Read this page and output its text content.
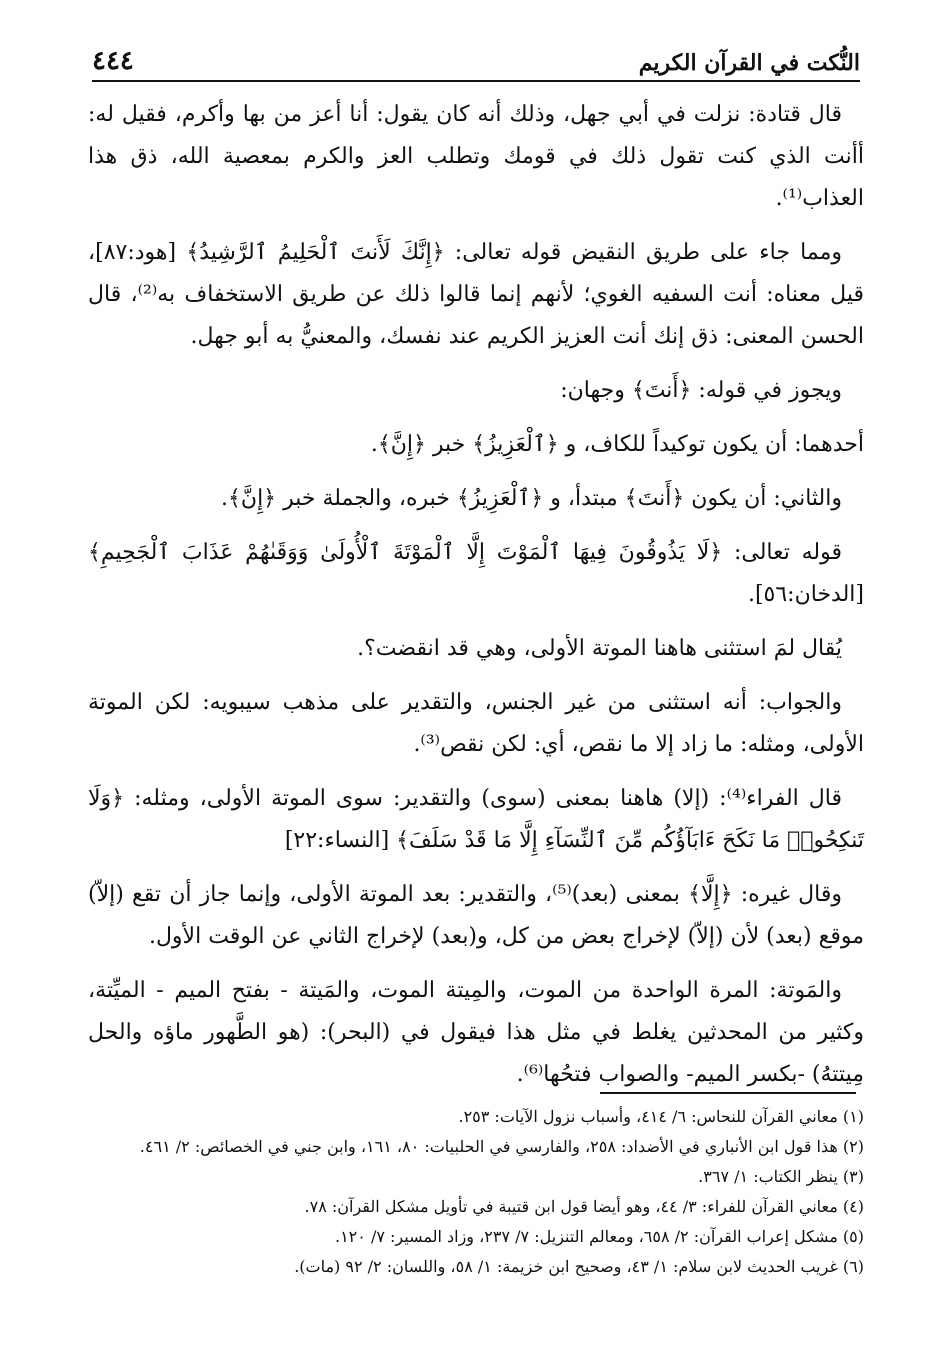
٤٤٤	النُّكت في القرآن الكريم

قال قتادة: نزلت في أبي جهل، وذلك أنه كان يقول: أنا أعز من بها وأكرم، فقيل له: أأنت الذي كنت تقول ذلك في قومك وتطلب العز والكرم بمعصية الله، ذق هذا العذاب⁽¹⁾.

ومما جاء على طريق النقيض قوله تعالى: ﴿إِنَّكَ لَأَنتَ ٱلْحَلِيمُ ٱلرَّشِيدُ﴾ [هود:٨٧]، قيل معناه: أنت السفيه الغوي؛ لأنهم إنما قالوا ذلك عن طريق الاستخفاف به⁽²⁾، قال الحسن المعنى: ذق إنك أنت العزيز الكريم عند نفسك، والمعنيُّ به أبو جهل.

ويجوز في قوله: ﴿أَنتَ﴾ وجهان:

أحدهما: أن يكون توكيداً للكاف، و ﴿ٱلْعَزِيزُ﴾ خبر ﴿إِنَّ﴾.

والثاني: أن يكون ﴿أَنتَ﴾ مبتدأ، و ﴿ٱلْعَزِيزُ﴾ خبره، والجملة خبر ﴿إِنَّ﴾.

قوله تعالى: ﴿لَا يَذُوقُونَ فِيهَا ٱلْمَوْتَ إِلَّا ٱلْمَوْتَةَ ٱلْأُولَىٰ وَوَقَىٰهُمْ عَذَابَ ٱلْجَحِيمِ﴾ [الدخان:٥٦].

يُقال لمَ استثنى هاهنا الموتة الأولى، وهي قد انقضت؟.

والجواب: أنه استثنى من غير الجنس، والتقدير على مذهب سيبويه: لكن الموتة الأولى، ومثله: ما زاد إلا ما نقص، أي: لكن نقص⁽³⁾.

قال الفراء⁽⁴⁾: (إلا) هاهنا بمعنى (سوى) والتقدير: سوى الموتة الأولى، ومثله: ﴿وَلَا تَنكِحُوا۟ مَا نَكَحَ ءَابَآؤُكُم مِّنَ ٱلنِّسَآءِ إِلَّا مَا قَدْ سَلَفَ﴾ [النساء:٢٢]

وقال غيره: ﴿إِلَّا﴾ بمعنى (بعد)⁽⁵⁾، والتقدير: بعد الموتة الأولى، وإنما جاز أن تقع (إلاّ) موقع (بعد) لأن (إلاّ) لإخراج بعض من كل، و(بعد) لإخراج الثاني عن الوقت الأول.

والمَوتة: المرة الواحدة من الموت، والمِيتة الموت، والمَيتة - بفتح الميم - الميِّتة، وكثير من المحدثين يغلط في مثل هذا فيقول في (البحر): (هو الطَّهور ماؤه والحل مِيتتهُ) -بكسر الميم- والصواب فتحُها⁽⁶⁾.

(١) معاني القرآن للنحاس: ٦/ ٤١٤، وأسباب نزول الآيات: ٢٥٣.
(٢) هذا قول ابن الأنباري في الأضداد: ٢٥٨، والفارسي في الحلبيات: ٨٠، ١٦١، وابن جني في الخصائص: ٢/ ٤٦١.
(٣) ينظر الكتاب: ١/ ٣٦٧.
(٤) معاني القرآن للفراء: ٣/ ٤٤، وهو أيضا قول ابن قتيبة في تأويل مشكل القرآن: ٧٨.
(٥) مشكل إعراب القرآن: ٢/ ٦٥٨، ومعالم التنزيل: ٧/ ٢٣٧، وزاد المسير: ٧/ ١٢٠.
(٦) غريب الحديث لابن سلام: ١/ ٤٣، وصحيح ابن خزيمة: ١/ ٥٨، واللسان: ٢/ ٩٢ (مات).
